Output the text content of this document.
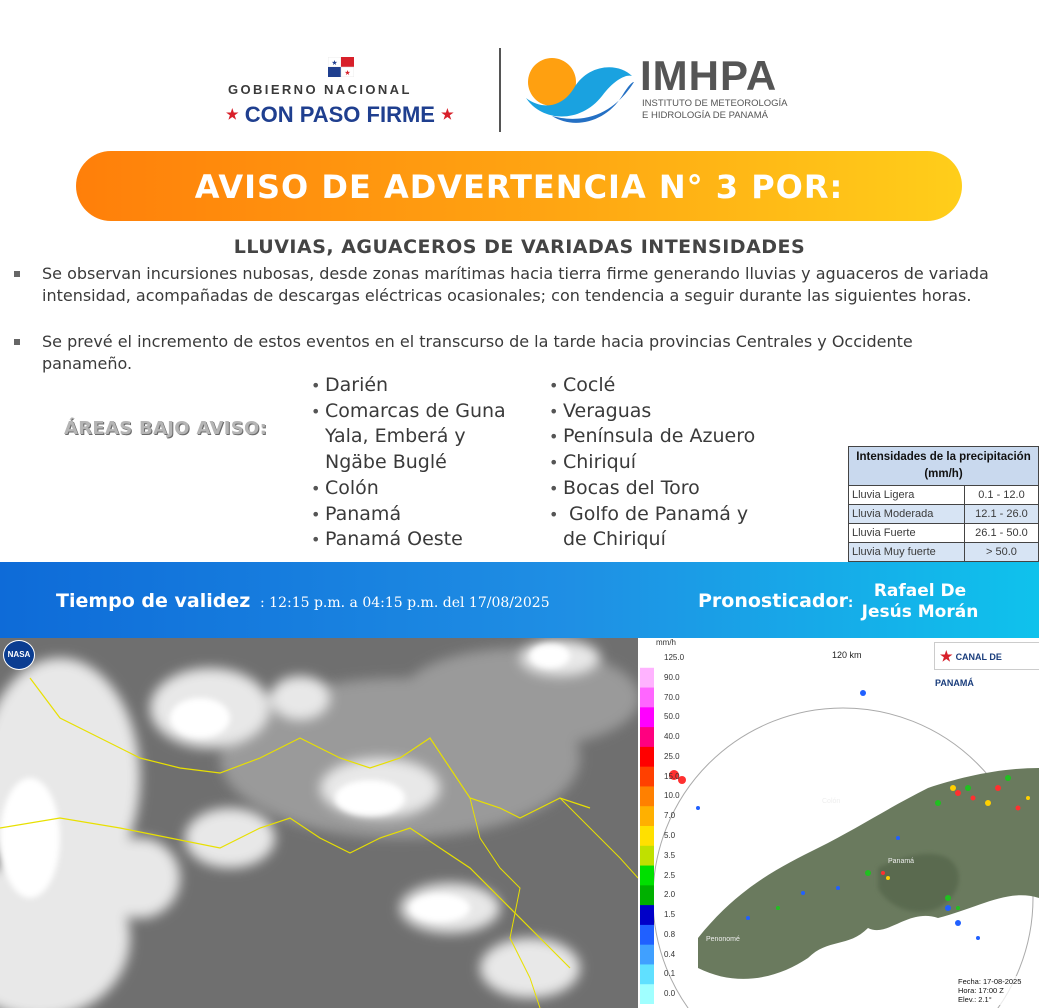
★
★
GOBIERNO NACIONAL
★ CON PASO FIRME ★
IMHPA
INSTITUTO DE METEOROLOGÍA
E HIDROLOGÍA DE PANAMÁ
AVISO DE ADVERTENCIA N° 3 POR:
LLUVIAS, AGUACEROS DE VARIADAS INTENSIDADES
Se observan incursiones nubosas, desde zonas marítimas hacia tierra firme generando lluvias y aguaceros de variada intensidad, acompañadas de descargas eléctricas ocasionales; con tendencia a seguir durante las siguientes horas.
Se prevé el incremento de estos eventos en el transcurso de la tarde hacia provincias Centrales y Occidente panameño.
ÁREAS BAJO AVISO:
• Darién
• Comarcas de Guna
Yala, Emberá y
Ngäbe Buglé
• Colón
• Panamá
• Panamá Oeste
• Coclé
• Veraguas
• Península de Azuero
• Chiriquí
• Bocas del Toro
•  Golfo de Panamá y
de Chiriquí
Intensidades de la precipitación (mm/h)	
Lluvia Ligera	0.1 - 12.0
Lluvia Moderada	12.1 - 26.0
Lluvia Fuerte	26.1 - 50.0
Lluvia Muy fuerte	> 50.0
Tiempo de validez : 12:15 p.m. a 04:15 p.m. del 17/08/2025	Pronosticador:
Rafael De
Jesús Morán
NASA
mm/h
125.0
90.0
70.0
50.0
40.0
25.0
15.0
10.0
7.0
5.0
3.5
2.5
2.0
1.5
0.8
0.4
0.1
0.0
120 km	★ CANAL DE PANAMÁ
Colón
Panamá
Penonomé
Fecha: 17-08-2025
Hora: 17:00 Z
Elev.: 2.1°
